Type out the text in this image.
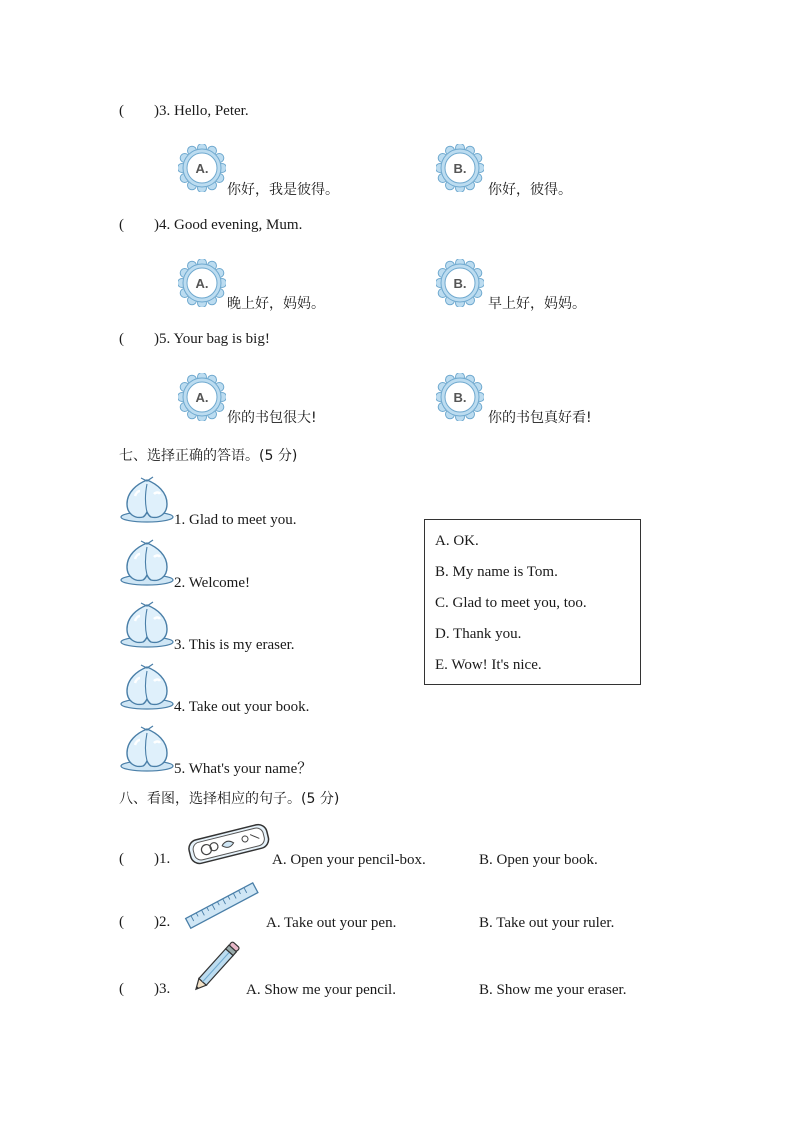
( )3. Hello, Peter.
A.
你好，我是彼得。
B.
你好，彼得。
( )4. Good evening, Mum.
A.
晚上好，妈妈。
B.
早上好，妈妈。
( )5. Your bag is big!
A.
你的书包很大!
B.
你的书包真好看!
七、选择正确的答语。(5 分)
1. Glad to meet you.
2. Welcome!
3. This is my eraser.
4. Take out your book.
5. What's your name？
A. OK.
B. My name is Tom.
C. Glad to meet you, too.
D. Thank you.
E. Wow! It's nice.
八、看图，选择相应的句子。(5 分)
( )1.	A. Open your pencil-box.	B. Open your book.
( )2.	A. Take out your pen.	B. Take out your ruler.
( )3.	A. Show me your pencil.	B. Show me your eraser.
